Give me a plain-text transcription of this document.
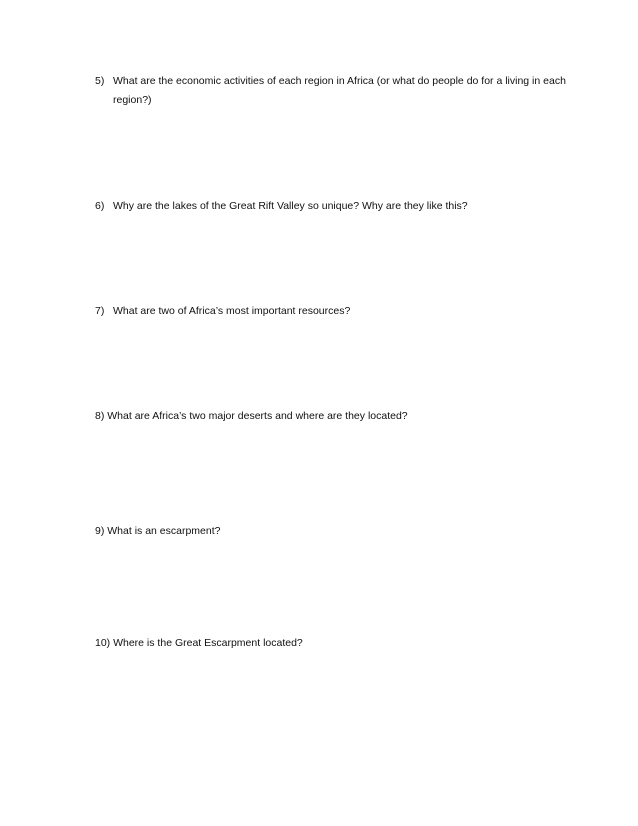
5) What are the economic activities of each region in Africa (or what do people do for a living in each region?)
6) Why are the lakes of the Great Rift Valley so unique? Why are they like this?
7) What are two of Africa’s most important resources?
8) What are Africa’s two major deserts and where are they located?
9) What is an escarpment?
10) Where is the Great Escarpment located?
